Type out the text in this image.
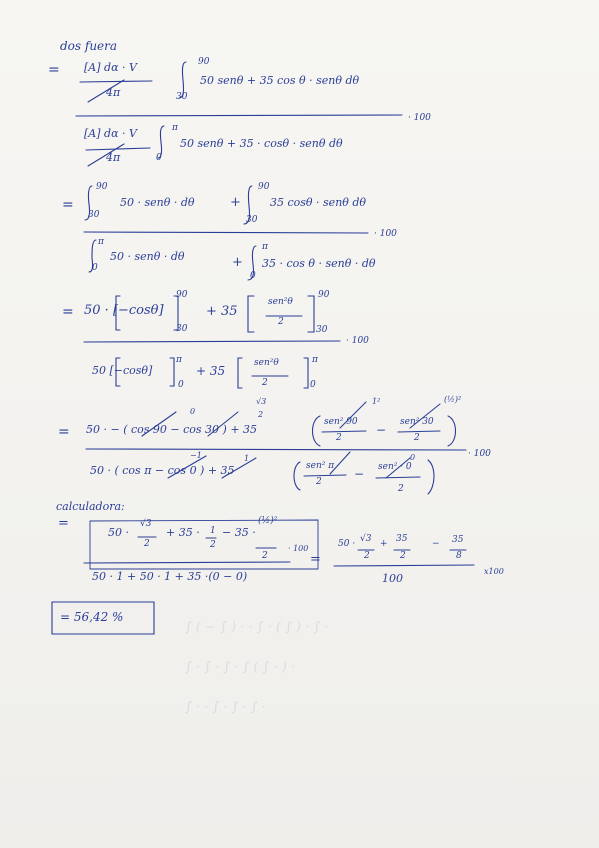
∫ ( − ∫ ) · · ∫ · ( ∫ ) · ∫ ·
∫ · ∫ · ∫ · ∫ ( ∫ · ) ·
∫ · · ∫ · ∫ · ∫ ·
dos fuera
= [A] dα · V
4π
90
30
50 senθ + 35 cos θ · senθ dθ
[A] dα · V
4π
π
0
50 senθ + 35 · cosθ · senθ dθ
· 100
=
90
30
50 · senθ · dθ	+
90
30
35 cosθ · senθ dθ
π
0
50 · senθ · dθ	+
π
0
35 · cos θ · senθ · dθ
· 100
= 50 · [−cosθ]
90
30
+ 35
sen²θ
2
90
30
50 [−cosθ]
π
0
+ 35
sen²θ
2
π
0
· 100
= 50 · − ( cos 90 − cos 30 ) + 35
0
√3
2
1²	(½)²
sen² 90
2
−
sen² 30
2
50 · ( cos π − cos 0 ) + 35
−1	1
sen² π
2
− sen² · 0
2
0	· 100
calculadora:
=
50 ·
√3
2
+ 35 · 1
2
− 35 ·
(½)²
2
50 · 1 + 50 · 1 + 35 ·(0 − 0)
· 100
=
50 · √3
2
+ 35
2
− 35
8
100
x100
= 56,42 %
